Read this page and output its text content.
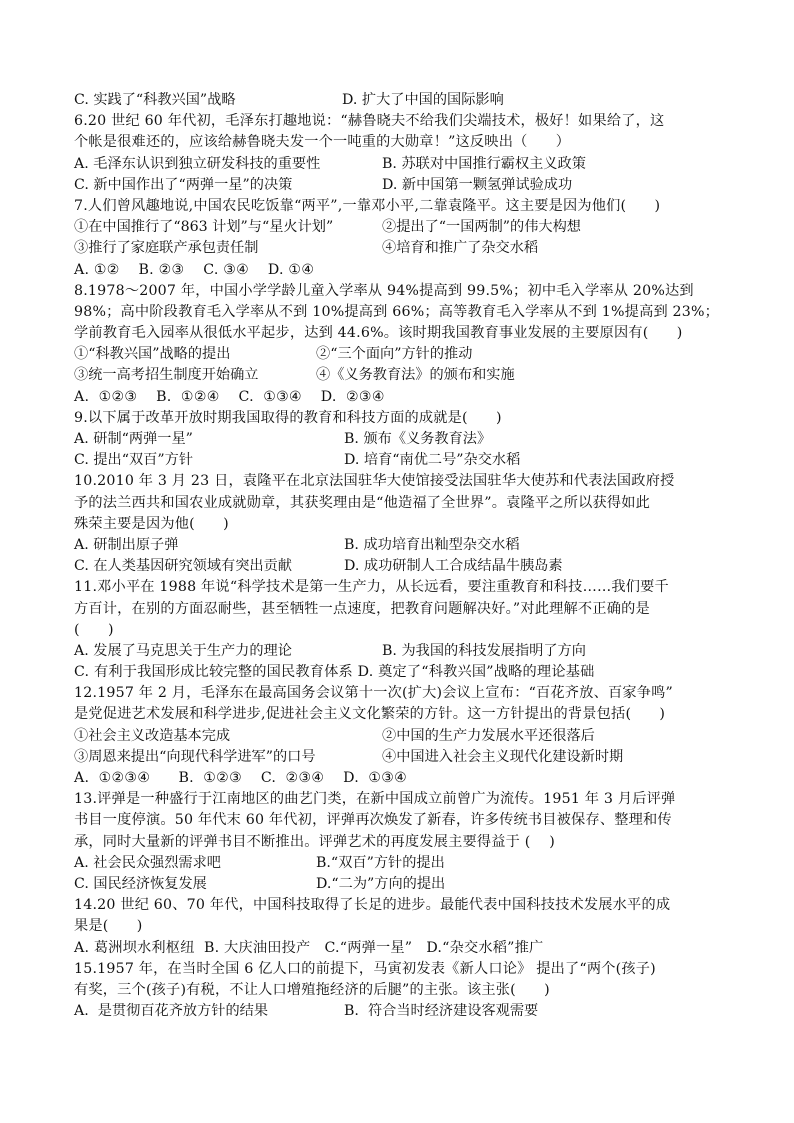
C. 实践了“科教兴国”战略	D. 扩大了中国的国际影响
6.20 世纪 60 年代初，毛泽东打趣地说：“赫鲁晓夫不给我们尖端技术，极好！如果给了，这
个帐是很难还的，应该给赫鲁晓夫发一个一吨重的大勋章！”这反映出（      ）
A. 毛泽东认识到独立研发科技的重要性	B. 苏联对中国推行霸权主义政策
C. 新中国作出了“两弹一星”的决策	D. 新中国第一颗氢弹试验成功
7.人们曾风趣地说,中国农民吃饭靠“两平”,一靠邓小平,二靠袁隆平。这主要是因为他们(      )
①在中国推行了“863 计划”与“星火计划”	②提出了“一国两制”的伟大构想
③推行了家庭联产承包责任制	④培育和推广了杂交水稻
A. ①②    B. ②③    C. ③④    D. ①④
8.1978～2007 年，中国小学学龄儿童入学率从 94%提高到 99.5%；初中毛入学率从 20%达到
98%；高中阶段教育毛入学率从不到 10%提高到 66%；高等教育毛入学率从不到 1%提高到 23%；
学前教育毛入园率从很低水平起步，达到 44.6%。该时期我国教育事业发展的主要原因有(      )
①“科教兴国”战略的提出	②“三个面向”方针的推动
③统一高考招生制度开始确立	④《义务教育法》的颁布和实施
A.  ①②③    B.  ①②④    C.  ①③④    D.  ②③④
9.以下属于改革开放时期我国取得的教育和科技方面的成就是(      )
A. 研制“两弹一星”	B. 颁布《义务教育法》
C. 提出“双百”方针	D. 培育“南优二号”杂交水稻
10.2010 年 3 月 23 日，袁隆平在北京法国驻华大使馆接受法国驻华大使苏和代表法国政府授
予的法兰西共和国农业成就勋章，其获奖理由是“他造福了全世界”。袁隆平之所以获得如此
殊荣主要是因为他(      )
A. 研制出原子弹	B. 成功培育出籼型杂交水稻
C. 在人类基因研究领域有突出贡献	D. 成功研制人工合成结晶牛胰岛素
11.邓小平在 1988 年说“科学技术是第一生产力，从长远看，要注重教育和科技……我们要千
方百计，在别的方面忍耐些，甚至牺牲一点速度，把教育问题解决好。”对此理解不正确的是
(      )
A. 发展了马克思关于生产力的理论	B. 为我国的科技发展指明了方向
C. 有利于我国形成比较完整的国民教育体系 D. 奠定了“科教兴国”战略的理论基础
12.1957 年 2 月，毛泽东在最高国务会议第十一次(扩大)会议上宣布：“百花齐放、百家争鸣”
是党促进艺术发展和科学进步,促进社会主义文化繁荣的方针。这一方针提出的背景包括(      )
①社会主义改造基本完成	②中国的生产力发展水平还很落后
③周恩来提出“向现代科学进军”的口号	④中国进入社会主义现代化建设新时期
A.  ①②③④      B.  ①②③    C.  ②③④    D.  ①③④
13.评弹是一种盛行于江南地区的曲艺门类，在新中国成立前曾广为流传。1951 年 3 月后评弹
书目一度停演。50 年代末 60 年代初，评弹再次焕发了新春，许多传统书目被保存、整理和传
承，同时大量新的评弹书目不断推出。评弹艺术的再度发展主要得益于 (    )
A. 社会民众强烈需求吧	B.“双百”方针的提出
C. 国民经济恢复发展	D.“二为”方向的提出
14.20 世纪 60、70 年代，中国科技取得了长足的进步。最能代表中国科技技术发展水平的成
果是(      )
A. 葛洲坝水利枢纽  B. 大庆油田投产   C.“两弹一星”   D.“杂交水稻”推广
15.1957 年，在当时全国 6 亿人口的前提下，马寅初发表《新人口论》 提出了“两个(孩子)
有奖，三个(孩子)有税，不让人口增殖拖经济的后腿”的主张。该主张(      )
A.  是贯彻百花齐放方针的结果	B.  符合当时经济建设客观需要
